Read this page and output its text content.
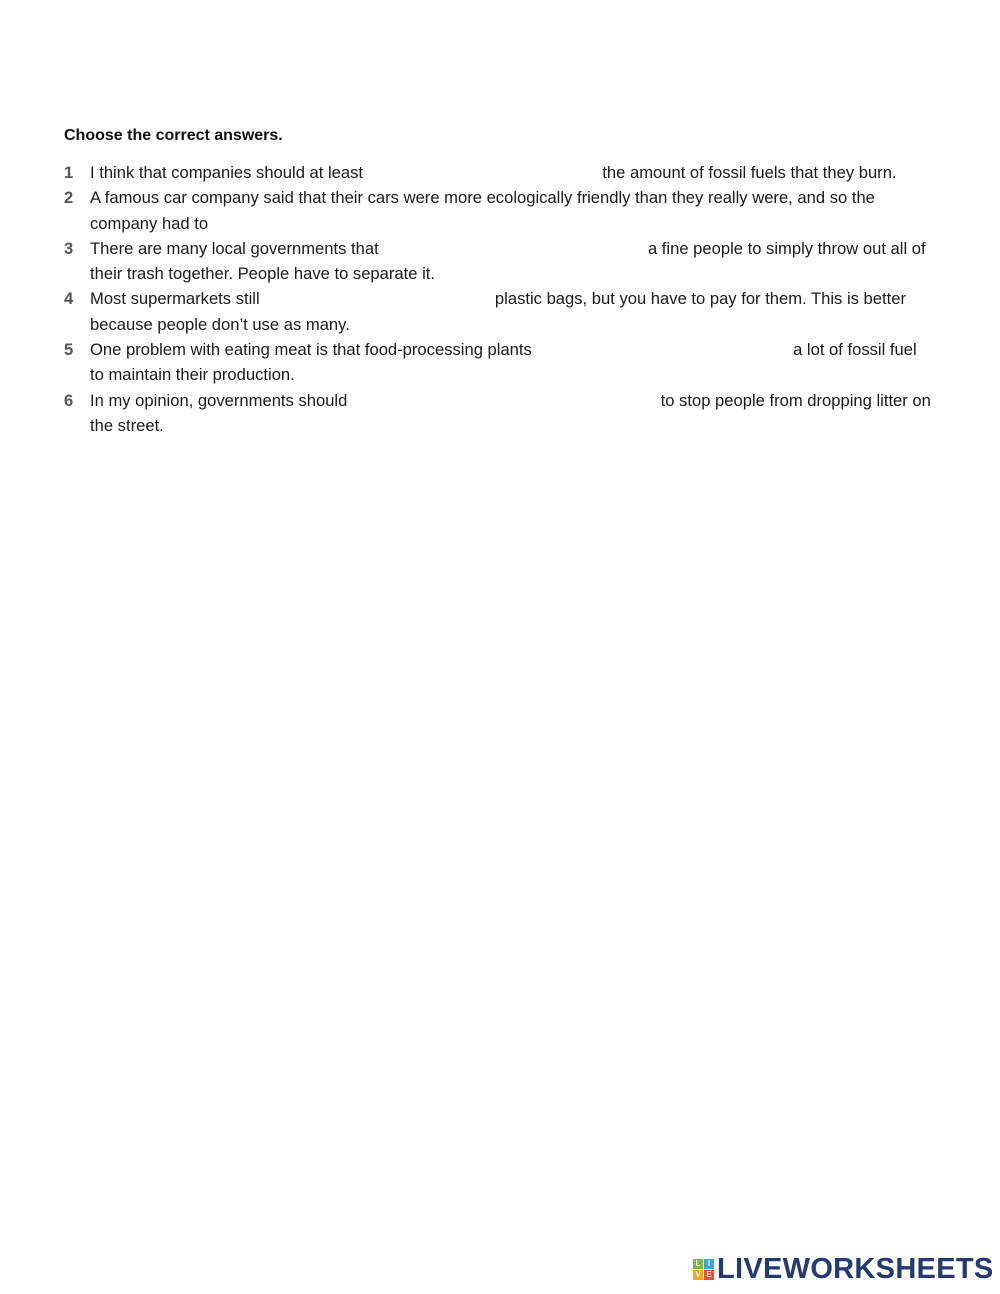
Choose the correct answers.
1 I think that companies should at least	the amount of fossil fuels that they burn.
2 A famous car company said that their cars were more ecologically friendly than they really were, and so the company had to
3 There are many local governments that	a fine people to simply throw out all of their trash together. People have to separate it.
4 Most supermarkets still	plastic bags, but you have to pay for them. This is better because people don’t use as many.
5 One problem with eating meat is that food-processing plants	a lot of fossil fuel to maintain their production.
6 In my opinion, governments should	to stop people from dropping litter on the street.
L I
V E LIVEWORKSHEETS
